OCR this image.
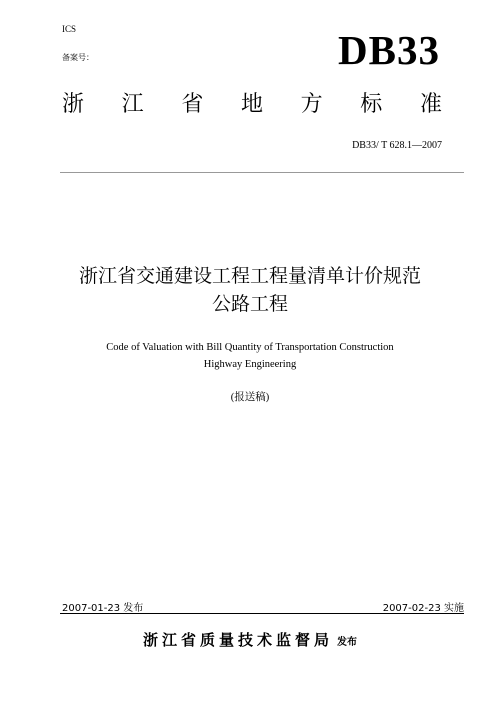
ICS
备案号：	DB33
浙 江 省 地 方 标 准
DB33/ T 628.1—2007
浙江省交通建设工程工程量清单计价规范
公路工程
Code of Valuation with Bill Quantity of Transportation Construction
Highway Engineering
(报送稿)
2007-01-23 发布	2007-02-23 实施
浙江省质量技术监督局 发布
